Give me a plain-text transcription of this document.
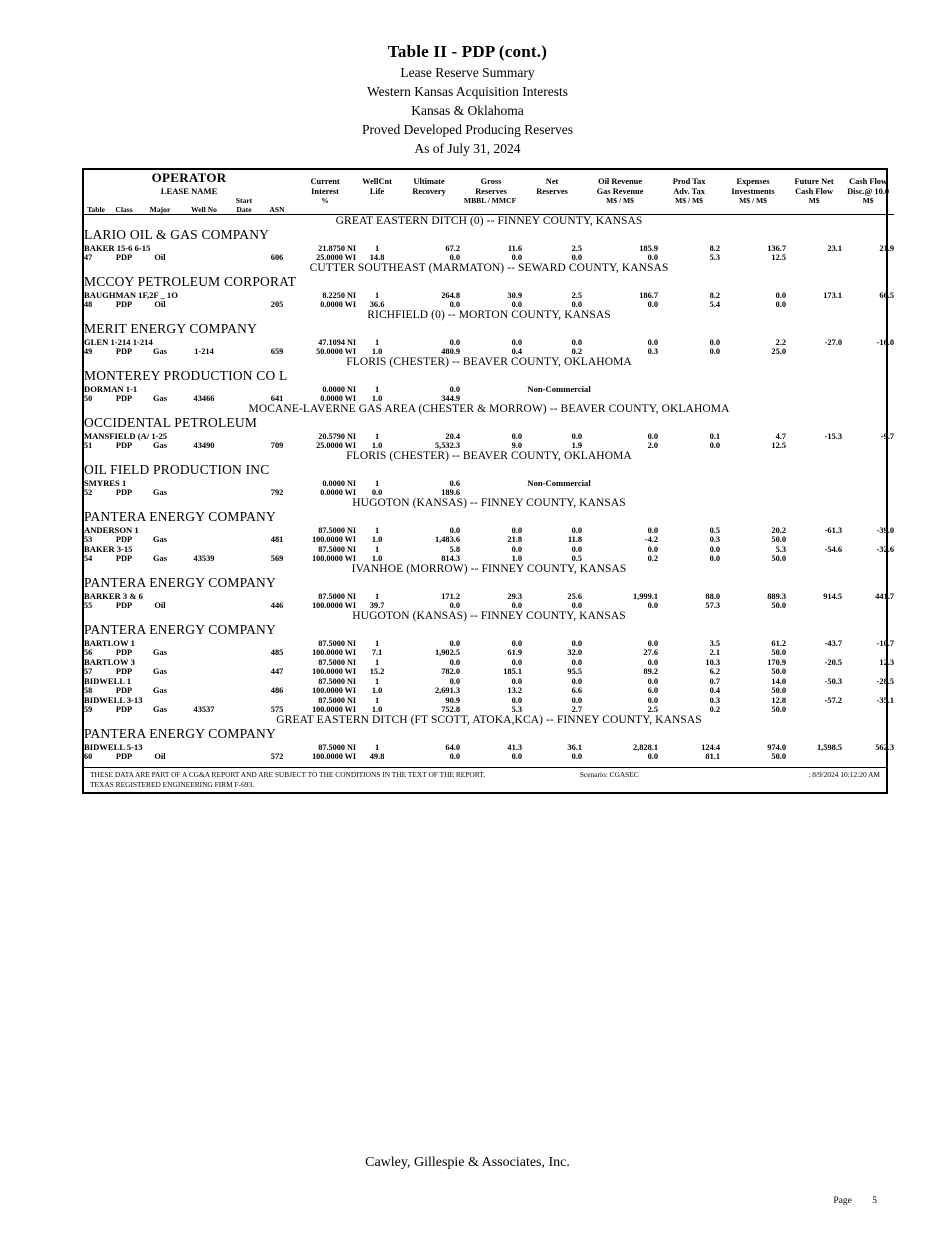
Table II - PDP (cont.)
Lease Reserve Summary
Western Kansas Acquisition Interests
Kansas & Oklahoma
Proved Developed Producing Reserves
As of July 31, 2024
OPERATOR						Current	WellCnt	Ultimate	Gross	Net	Oil Revenue	Prod Tax	Expenses	Future Net	Cash Flow
LEASE NAME						Interest	Life	Recovery	Reserves	Reserves	Gas Revenue	Adv. Tax	Investments	Cash Flow	Disc.@ 10.0
				Start		%		MBBL / MMCF			M$ / M$	M$ / M$	M$ / M$	M$	M$
Table	Class	Major	Well No	Date	ASN										
GREAT EASTERN DITCH (0) -- FINNEY COUNTY, KANSAS															
LARIO OIL & GAS COMPANY															
BAKER 15-6 6-15						21.8750 NI	1	67.2	11.6	2.5	185.9	8.2	136.7	23.1	21.9
47	PDP	Oil			606	25.0000 WI	14.8	0.0	0.0	0.0	0.0	5.3	12.5		
CUTTER SOUTHEAST (MARMATON) -- SEWARD COUNTY, KANSAS															
MCCOY PETROLEUM CORPORAT															
BAUGHMAN 1F,2F _ 1O						8.2250 NI	1	264.8	30.9	2.5	186.7	8.2	0.0	173.1	66.5
48	PDP	Oil			205	0.0000 WI	36.6	0.0	0.0	0.0	0.0	5.4	0.0		
RICHFIELD (0) -- MORTON COUNTY, KANSAS															
MERIT ENERGY COMPANY															
GLEN 1-214 1-214						47.1094 NI	1	0.0	0.0	0.0	0.0	0.0	2.2	-27.0	-16.0
49	PDP	Gas	1-214		659	50.0000 WI	1.0	480.9	0.4	0.2	0.3	0.0	25.0		
FLORIS (CHESTER) -- BEAVER COUNTY, OKLAHOMA															
MONTEREY PRODUCTION CO L															
DORMAN 1-1						0.0000 NI	1	0.0	Non-Commercial						
50	PDP	Gas	43466		641	0.0000 WI	1.0	344.9							
MOCANE-LAVERNE GAS AREA (CHESTER & MORROW) -- BEAVER COUNTY, OKLAHOMA															
OCCIDENTAL PETROLEUM															
MANSFIELD (A/ 1-25						20.5790 NI	1	20.4	0.0	0.0	0.0	0.1	4.7	-15.3	-9.7
51	PDP	Gas	43490		709	25.0000 WI	1.0	5,532.3	9.0	1.9	2.0	0.0	12.5		
FLORIS (CHESTER) -- BEAVER COUNTY, OKLAHOMA															
OIL FIELD PRODUCTION INC															
SMYRES 1						0.0000 NI	1	0.6	Non-Commercial						
52	PDP	Gas			792	0.0000 WI	0.0	189.6							
HUGOTON (KANSAS) -- FINNEY COUNTY, KANSAS															
PANTERA ENERGY COMPANY															
ANDERSON 1						87.5000 NI	1	0.0	0.0	0.0	0.0	0.5	20.2	-61.3	-39.0
53	PDP	Gas			481	100.0000 WI	1.0	1,483.6	21.8	11.8	-4.2	0.3	50.0		
BAKER 3-15						87.5000 NI	1	5.8	0.0	0.0	0.0	0.0	5.3	-54.6	-32.6
54	PDP	Gas	43539		569	100.0000 WI	1.0	814.3	1.0	0.5	0.2	0.0	50.0		
IVANHOE (MORROW) -- FINNEY COUNTY, KANSAS															
PANTERA ENERGY COMPANY															
BARKER 3 & 6						87.5000 NI	1	171.2	29.3	25.6	1,999.1	88.0	889.3	914.5	441.7
55	PDP	Oil			446	100.0000 WI	39.7	0.0	0.0	0.0	0.0	57.3	50.0		
HUGOTON (KANSAS) -- FINNEY COUNTY, KANSAS															
PANTERA ENERGY COMPANY															
BARTLOW 1						87.5000 NI	1	0.0	0.0	0.0	0.0	3.5	61.2	-43.7	-10.7
56	PDP	Gas			485	100.0000 WI	7.1	1,902.5	61.9	32.0	27.6	2.1	50.0		
BARTLOW 3						87.5000 NI	1	0.0	0.0	0.0	0.0	10.3	170.9	-20.5	12.3
57	PDP	Gas			447	100.0000 WI	15.2	782.0	185.1	95.5	89.2	6.2	50.0		
BIDWELL 1						87.5000 NI	1	0.0	0.0	0.0	0.0	0.7	14.0	-50.3	-28.5
58	PDP	Gas			486	100.0000 WI	1.0	2,691.3	13.2	6.6	6.0	0.4	50.0		
BIDWELL 3-13						87.5000 NI	1	90.9	0.0	0.0	0.0	0.3	12.8	-57.2	-35.1
59	PDP	Gas	43537		575	100.0000 WI	1.0	752.8	5.3	2.7	2.5	0.2	50.0		
GREAT EASTERN DITCH (FT SCOTT, ATOKA,KCA) -- FINNEY COUNTY, KANSAS															
PANTERA ENERGY COMPANY															
BIDWELL 5-13						87.5000 NI	1	64.0	41.3	36.1	2,828.1	124.4	974.0	1,598.5	562.3
60	PDP	Oil			572	100.0000 WI	49.8	0.0	0.0	0.0	0.0	81.1	50.0		
THESE DATA ARE PART OF A CG&A REPORT AND ARE SUBJECT TO THE CONDITIONS IN THE TEXT OF THE REPORT.
TEXAS REGISTERED ENGINEERING FIRM F-693.
Scenario: CGASEC	: 8/9/2024 10:12:20 AM
Cawley, Gillespie & Associates, Inc.
Page 5
